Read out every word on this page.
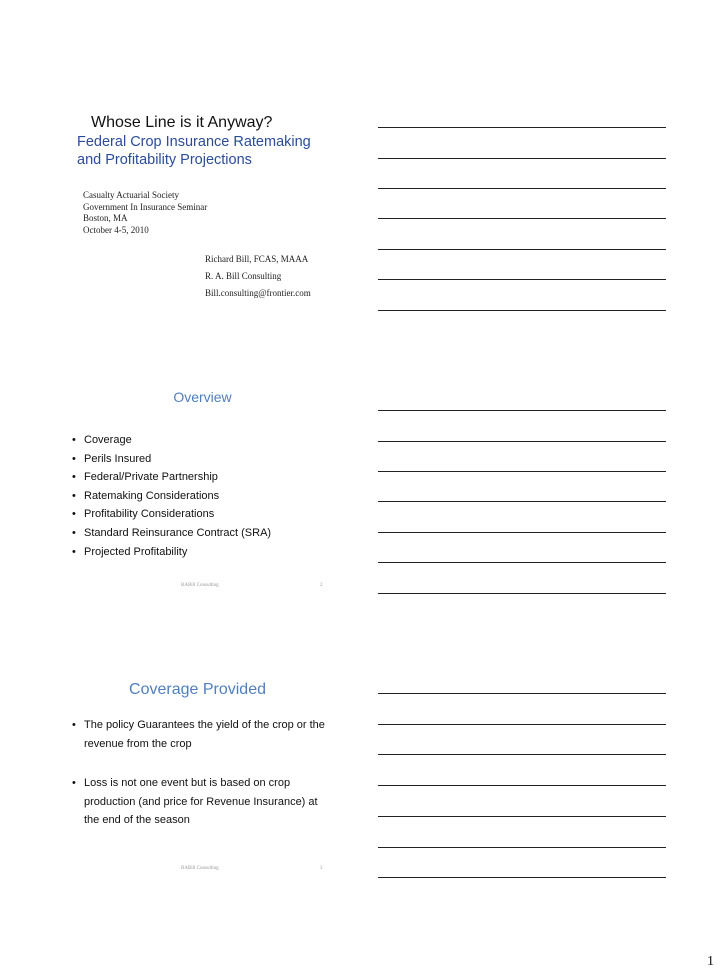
Whose Line is it Anyway?
Federal Crop Insurance Ratemaking and Profitability Projections
Casualty Actuarial Society
Government In Insurance Seminar
Boston, MA
October 4-5, 2010
Richard Bill, FCAS, MAAA
R. A. Bill Consulting
Bill.consulting@frontier.com
Overview
• Coverage
• Perils Insured
• Federal/Private Partnership
• Ratemaking Considerations
• Profitability Considerations
• Standard Reinsurance Contract (SRA)
• Projected Profitability
RABill Consulting	2
Coverage Provided
• The policy Guarantees the yield of the crop or the revenue from the crop
• Loss is not one event but is based on crop production (and price for Revenue Insurance) at the end of the season
RABill Consulting	3
1
